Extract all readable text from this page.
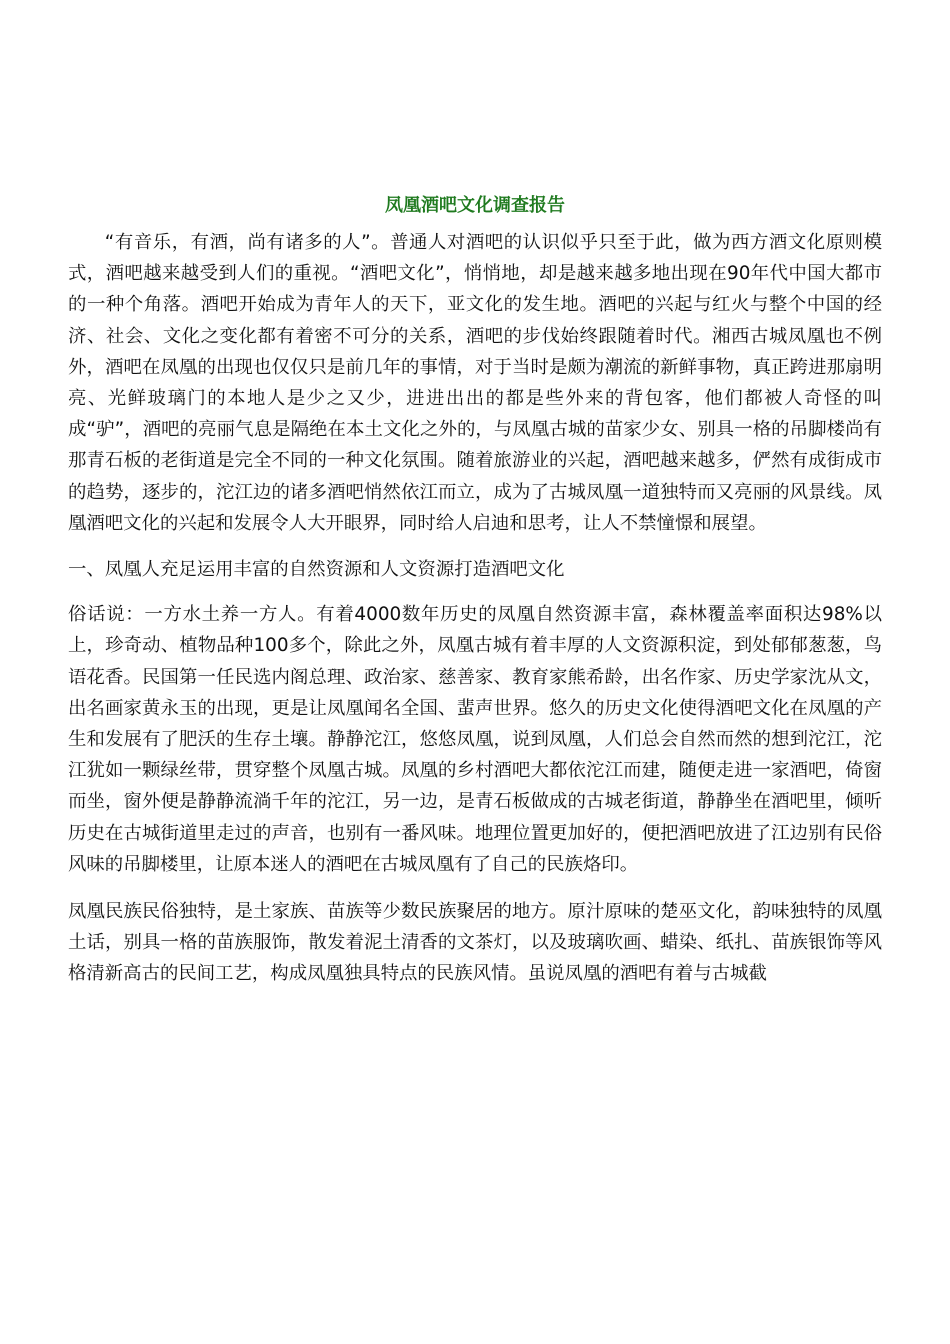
凤凰酒吧文化调查报告

“有音乐，有酒，尚有诸多的人”。普通人对酒吧的认识似乎只至于此，做为西方酒文化原则模式，酒吧越来越受到人们的重视。“酒吧文化”，悄悄地，却是越来越多地出现在90年代中国大都市的一种个角落。酒吧开始成为青年人的天下，亚文化的发生地。酒吧的兴起与红火与整个中国的经济、社会、文化之变化都有着密不可分的关系，酒吧的步伐始终跟随着时代。湘西古城凤凰也不例外，酒吧在凤凰的出现也仅仅只是前几年的事情，对于当时是颇为潮流的新鲜事物，真正跨进那扇明亮、光鲜玻璃门的本地人是少之又少，进进出出的都是些外来的背包客，他们都被人奇怪的叫成“驴”，酒吧的亮丽气息是隔绝在本土文化之外的，与凤凰古城的苗家少女、别具一格的吊脚楼尚有那青石板的老街道是完全不同的一种文化氛围。随着旅游业的兴起，酒吧越来越多，俨然有成街成市的趋势，逐步的，沱江边的诸多酒吧悄然依江而立，成为了古城凤凰一道独特而又亮丽的风景线。凤凰酒吧文化的兴起和发展令人大开眼界，同时给人启迪和思考，让人不禁憧憬和展望。

一、凤凰人充足运用丰富的自然资源和人文资源打造酒吧文化

俗话说：一方水土养一方人。有着4000数年历史的凤凰自然资源丰富，森林覆盖率面积达98%以上，珍奇动、植物品种100多个，除此之外，凤凰古城有着丰厚的人文资源积淀，到处郁郁葱葱，鸟语花香。民国第一任民选内阁总理、政治家、慈善家、教育家熊希龄，出名作家、历史学家沈从文，出名画家黄永玉的出现，更是让凤凰闻名全国、蜚声世界。悠久的历史文化使得酒吧文化在凤凰的产生和发展有了肥沃的生存土壤。静静沱江，悠悠凤凰，说到凤凰，人们总会自然而然的想到沱江，沱江犹如一颗绿丝带，贯穿整个凤凰古城。凤凰的乡村酒吧大都依沱江而建，随便走进一家酒吧，倚窗而坐，窗外便是静静流淌千年的沱江，另一边，是青石板做成的古城老街道，静静坐在酒吧里，倾听历史在古城街道里走过的声音，也别有一番风味。地理位置更加好的，便把酒吧放进了江边别有民俗风味的吊脚楼里，让原本迷人的酒吧在古城凤凰有了自己的民族烙印。

凤凰民族民俗独特，是土家族、苗族等少数民族聚居的地方。原汁原味的楚巫文化，韵味独特的凤凰土话，别具一格的苗族服饰，散发着泥土清香的文茶灯，以及玻璃吹画、蜡染、纸扎、苗族银饰等风格清新高古的民间工艺，构成凤凰独具特点的民族风情。虽说凤凰的酒吧有着与古城截
